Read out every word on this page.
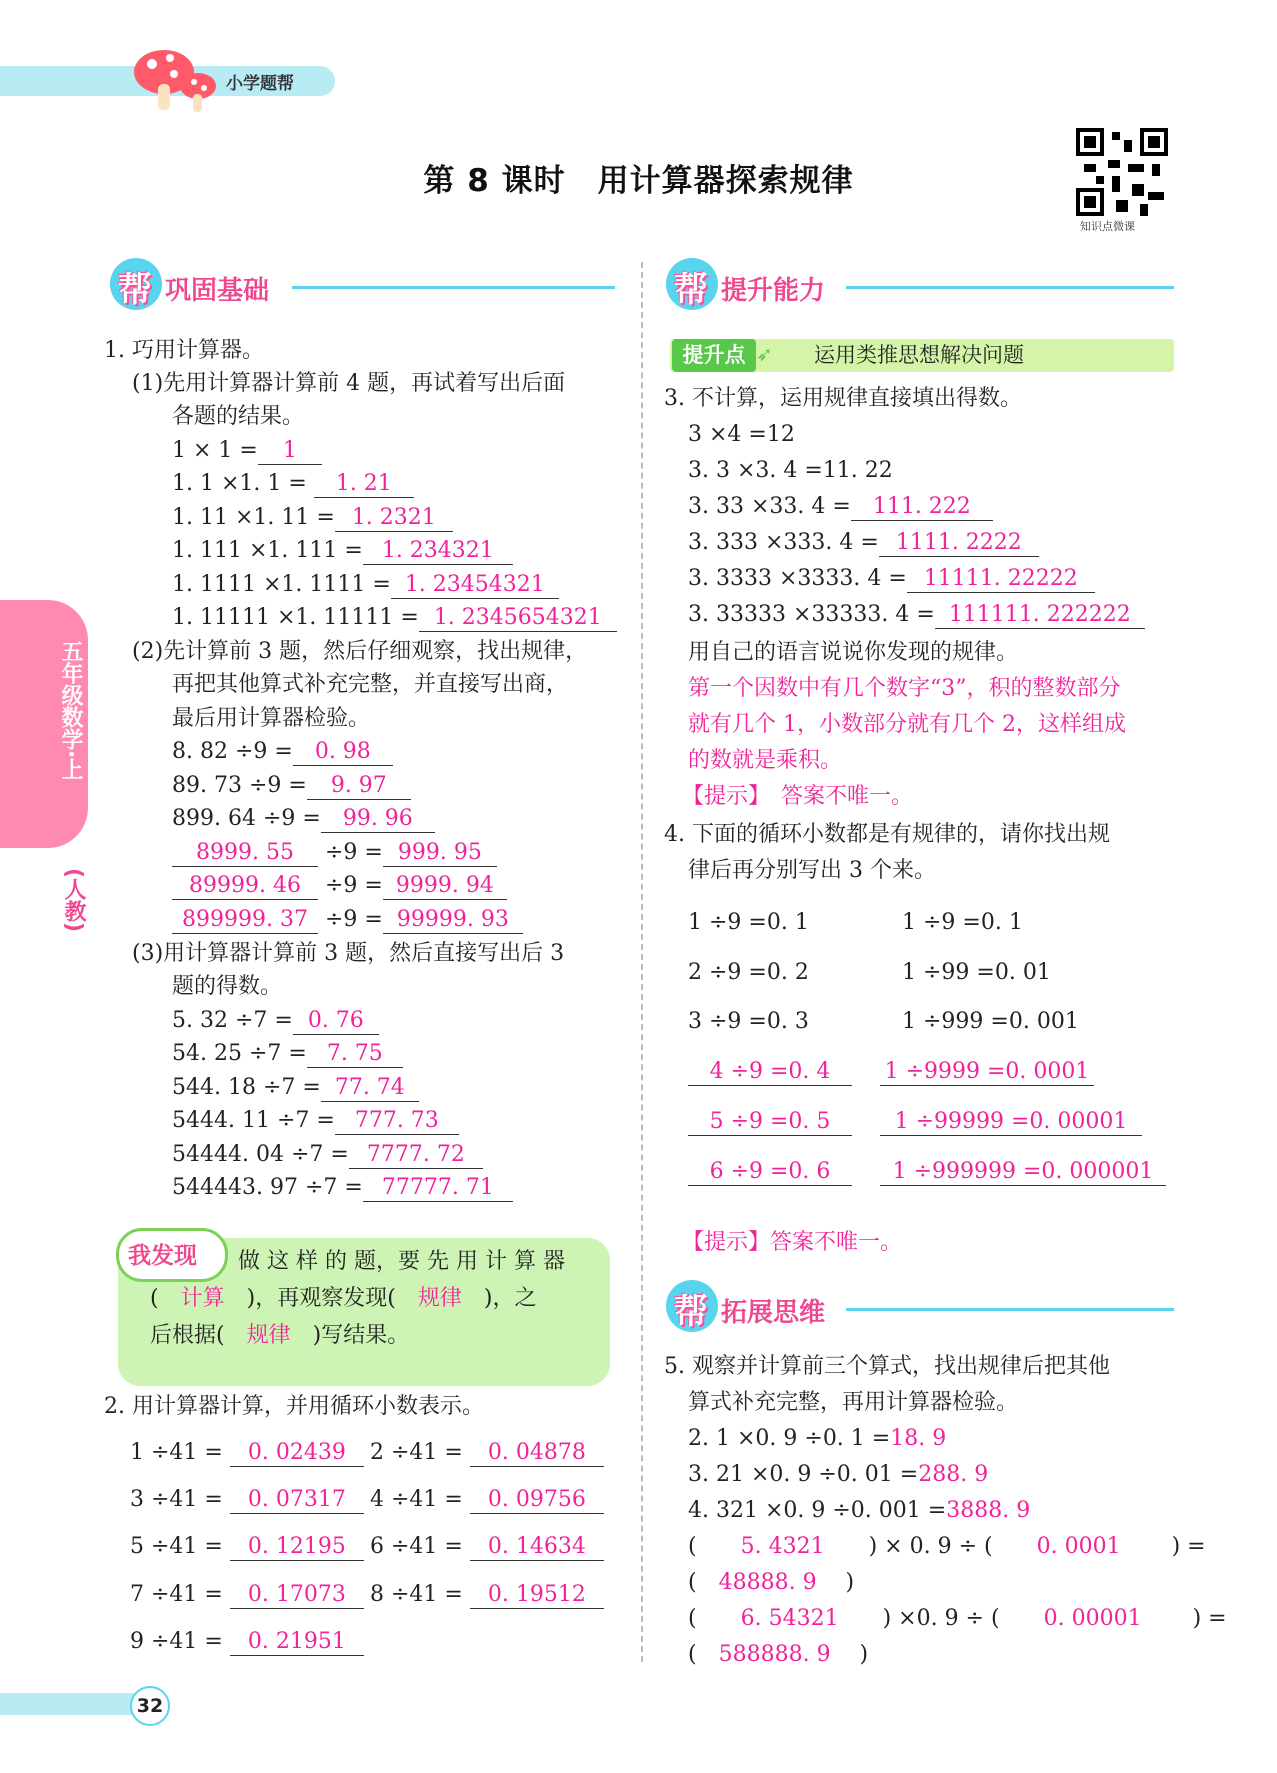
小学题帮
第 8 课时　用计算器探索规律
知识点微课
五年级数学·上
(人教)
帮 巩固基础
1. 巧用计算器。
(1)先用计算器计算前 4 题，再试着写出后面
各题的结果。
1 × 1 = 1
1. 1 ×1. 1 = 1. 21
1. 11 ×1. 11 = 1. 2321
1. 111 ×1. 111 = 1. 234321
1. 1111 ×1. 1111 = 1. 23454321
1. 11111 ×1. 11111 = 1. 2345654321
(2)先计算前 3 题，然后仔细观察，找出规律，
再把其他算式补充完整，并直接写出商，
最后用计算器检验。
8. 82 ÷9 = 0. 98
89. 73 ÷9 = 9. 97
899. 64 ÷9 = 99. 96
8999. 55 ÷9 = 999. 95
89999. 46 ÷9 = 9999. 94
899999. 37 ÷9 = 99999. 93
(3)用计算器计算前 3 题，然后直接写出后 3
题的得数。
5. 32 ÷7 = 0. 76
54. 25 ÷7 = 7. 75
544. 18 ÷7 = 77. 74
5444. 11 ÷7 = 777. 73
54444. 04 ÷7 = 7777. 72
544443. 97 ÷7 = 77777. 71
我发现 做 这 样 的 题，要 先 用 计 算 器
(　 计算　 )，再观察发现(　 规律　 )，之
后根据(　 规律　 )写结果。
2. 用计算器计算，并用循环小数表示。
1 ÷41 = 0. 02439	2 ÷41 = 0. 04878
3 ÷41 = 0. 07317	4 ÷41 = 0. 09756
5 ÷41 = 0. 12195	6 ÷41 = 0. 14634
7 ÷41 = 0. 17073	8 ÷41 = 0. 19512
9 ÷41 = 0. 21951
帮 提升能力
提升点 ➶ 运用类推思想解决问题
3. 不计算，运用规律直接填出得数。
3 ×4 =12
3. 3 ×3. 4 =11. 22
3. 33 ×33. 4 = 111. 222
3. 333 ×333. 4 = 1111. 2222
3. 3333 ×3333. 4 = 11111. 22222
3. 33333 ×33333. 4 = 111111. 222222
用自己的语言说说你发现的规律。
第一个因数中有几个数字“3”，积的整数部分
就有几个 1，小数部分就有几个 2，这样组成
的数就是乘积。
【提示】　答案不唯一。
4. 下面的循环小数都是有规律的，请你找出规
律后再分别写出 3 个来。
1 ÷9 =0. 1	1 ÷9 =0. 1
2 ÷9 =0. 2	1 ÷99 =0. 01
3 ÷9 =0. 3	1 ÷999 =0. 001
4 ÷9 =0. 4	1 ÷9999 =0. 0001
5 ÷9 =0. 5	1 ÷99999 =0. 00001
6 ÷9 =0. 6	1 ÷999999 =0. 000001
【提示】答案不唯一。
帮 拓展思维
5. 观察并计算前三个算式，找出规律后把其他
算式补充完整，再用计算器检验。
2. 1 ×0. 9 ÷0. 1 =18. 9
3. 21 ×0. 9 ÷0. 01 =288. 9
4. 321 ×0. 9 ÷0. 001 =3888. 9
(　　5. 4321　　 ) × 0. 9 ÷ (　　 0. 0001　　 ) =
(　48888. 9　 )
(　　6. 54321　　 ) ×0. 9 ÷ (　　 0. 00001　　 ) =
(　588888. 9　 )
32
